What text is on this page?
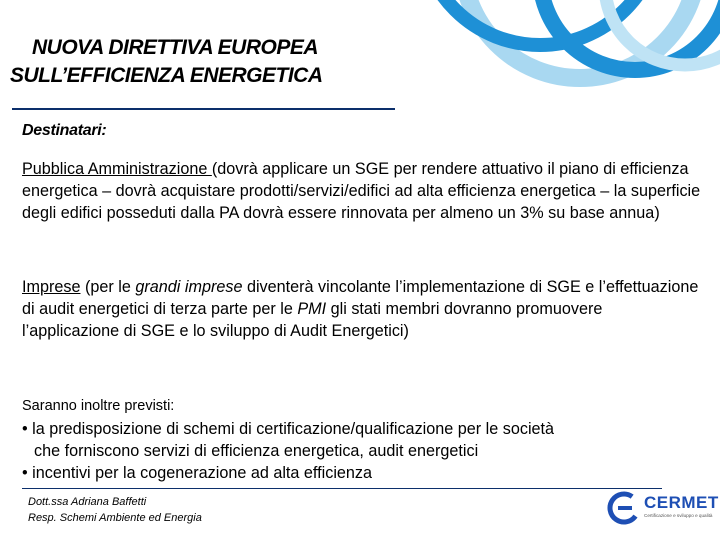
NUOVA DIRETTIVA EUROPEA
SULL’EFFICIENZA ENERGETICA
Destinatari:
Pubblica Amministrazione (dovrà applicare un SGE per rendere attuativo il piano di efficienza energetica – dovrà acquistare prodotti/servizi/edifici ad alta efficienza energetica – la superficie degli edifici posseduti dalla PA dovrà essere rinnovata per almeno un 3% su base annua)
Imprese (per le grandi imprese diventerà vincolante l’implementazione di SGE e l’effettuazione di audit energetici di terza parte per le PMI gli stati membri dovranno promuovere l’applicazione di SGE e lo sviluppo di Audit Energetici)
Saranno inoltre previsti:
• la predisposizione di schemi di certificazione/qualificazione per le società
che forniscono servizi di efficienza energetica, audit energetici
• incentivi per la cogenerazione ad alta efficienza
Dott.ssa Adriana Baffetti
Resp. Schemi Ambiente ed Energia
CERMET
Certificazione e sviluppo e qualità
